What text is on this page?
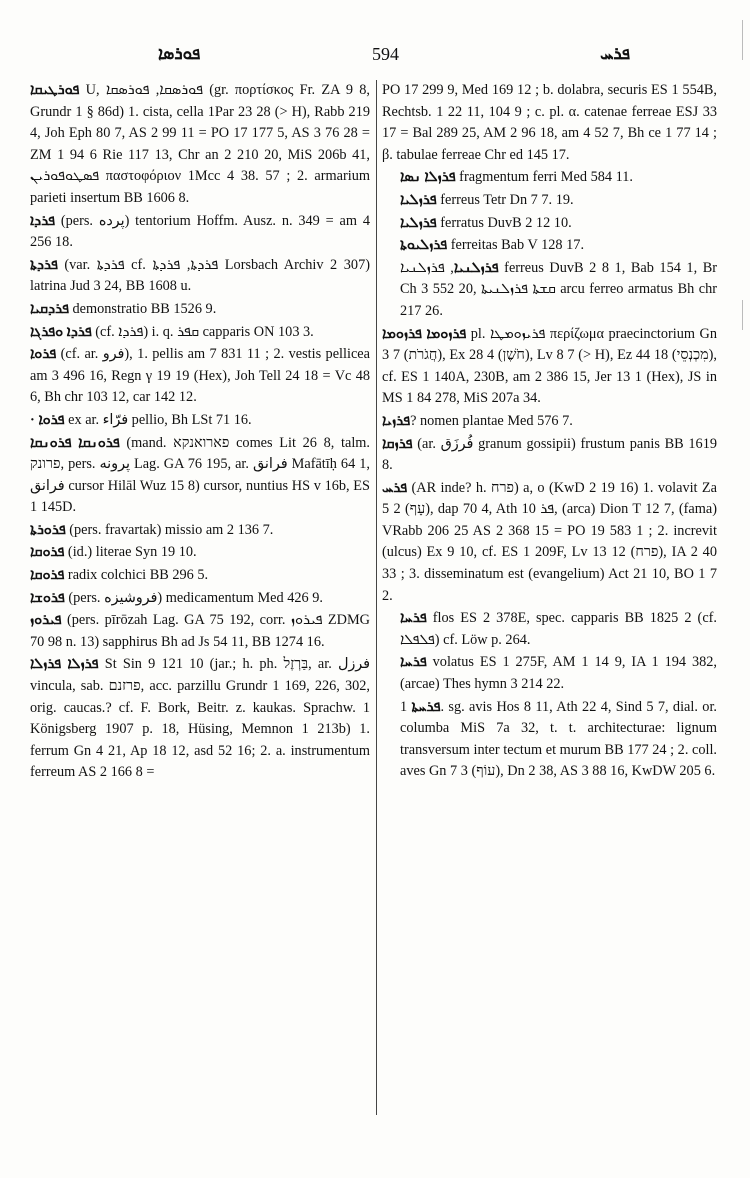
ܦܘܪܣܐ	594	ܦܪܚ
ܦܘܪܛܝܩܐ U, ܦܘܪܣܩܐ, ܦܘܪܣܩܐ (gr. πορτίσκος Fr. ZA 9 8, Grundr 1 § 86d) 1. cista, cella 1Par 23 28 (> H), Rabb 219 4, Joh Eph 80 7, AS 2 99 11 = PO 17 177 5, AS 3 76 28 = ZM 1 94 6 Rie 117 13, Chr an 2 210 20, MiS 206b 41, ܦܣܛܘܦܘܪܝܢ παστοφόριον 1Mcc 4 38. 57 ; 2. armarium parieti insertum BB 1606 8.
ܦܪܕܐ (pers. پرده) tentorium Hoffm. Ausz. n. 349 = am 4 256 18.
ܦܪܕܬܐ (var. ܦܪܕܬܐ cf. ܦܪܕܬܐ, ܦܪܕܬܐ Lorsbach Archiv 2 307) latrina Jud 3 24, BB 1608 u.
ܦܪܕܩܝܐ demonstratio BB 1526 9.
ܦܪܕܐ ܘܦܪܓܐ (cf. ܦܪܕܐ) i. q. ܩܦܪ capparis ON 103 3.
ܦܪܘܐ (cf. ar. فرو), 1. pellis am 7 831 11 ; 2. vestis pellicea am 3 496 16, Regn γ 19 19 (Hex), Joh Tell 24 18 = Vc 48 6, Bh chr 103 12, car 142 12.
· ܦܪܘܐ ex ar. فرّاء pellio, Bh LSt 71 16.
ܦܪܘܢܩܐ ܦܪܘܢܩܐ (mand. פארואנקא comes Lit 26 8, talm. פרונק, pers. پرونه Lag. GA 76 195, ar. فرانق Mafātīḥ 64 1, فرانق cursor Hilāl Wuz 15 8) cursor, nuntius HS v 16b, ES 1 145D.
ܦܪܘܪܬܐ (pers. fravartak) missio am 2 136 7.
ܦܪܘܩܐ (id.) literae Syn 19 10.
ܦܪܘܩܐ radix colchici BB 296 5.
ܦܪܘܫܐ (pers. فروشیزه) medicamentum Med 426 9.
ܦܝܪܘܙ (pers. pīrōzah Lag. GA 75 192, corr. ܦܝܪܘܙ ZDMG 70 98 n. 13) sapphirus Bh ad Js 54 11, BB 1274 16.
ܦܪܙܠܐ ܦܪܙܠܐ St Sin 9 121 10 (jar.; h. ph. בַּרְזֶל, ar. فرزل vincula, sab. פרזנם, acc. parzillu Grundr 1 169, 226, 302, orig. caucas.? cf. F. Bork, Beitr. z. kaukas. Sprachw. 1 Königsberg 1907 p. 18, Hüsing, Memnon 1 213b) 1. ferrum Gn 4 21, Ap 18 12, asd 52 16; 2. a. instrumentum ferreum AS 2 166 8 =
PO 17 299 9, Med 169 12 ; b. dolabra, securis ES 1 554B, Rechtsb. 1 22 11, 104 9 ; c. pl. α. catenae ferreae ESJ 33 17 = Bal 289 25, AM 2 96 18, am 4 52 7, Bh ce 1 77 14 ; β. tabulae ferreae Chr ed 145 17.
ܦܪܙܠܐ ܢܣܐ fragmentum ferri Med 584 11.
ܦܪܙܠܝܐ ferreus Tetr Dn 7 7. 19.
ܦܪܙܠܝܐ ferratus DuvB 2 12 10.
ܦܪܙܠܝܘܬܐ ferreitas Bab V 128 17.
ܦܪܙܠܢܝܐ, ܦܪܙܠܢܝܐ ferreus DuvB 2 8 1, Bab 154 1, Br Ch 3 552 20, ܩܫܬܐ ܦܪܙܠܢܝܬܐ arcu ferreo armatus Bh chr 217 26.
ܦܪܙܘܡܐ ܦܪܙܘܡܐ pl. ܦܪܝܙܘܡܛܐ περίζωμα praecinctorium Gn 3 7 (חֲגֹרֹת), Ex 28 4 (חֹשֶׁן), Lv 8 7 (> H), Ez 44 18 (מִכְנְסֵי), cf. ES 1 140A, 230B, am 2 386 15, Jer 13 1 (Hex), JS in MS 1 84 278, MiS 207a 34.
ܦܪܙܝܐ? nomen plantae Med 576 7.
ܦܪܙܩܐ (ar. فُرزَق granum gossipii) frustum panis BB 1619 8.
ܦܪܚ (AR inde? h. פרח) a, o (KwD 2 19 16) 1. volavit Za 5 2 (עָף), dap 70 4, Ath ܦܪ 10, (arca) Dion T 12 7, (fama) VRabb 206 25 AS 2 368 15 = PO 19 583 1 ; 2. increvit (ulcus) Ex 9 10, cf. ES 1 209F, Lv 13 12 (פרח), IA 2 40 33 ; 3. disseminatum est (evangelium) Act 21 10, BO 1 7 2.
ܦܪܚܐ flos ES 2 378E, spec. capparis BB 1825 2 (cf. ܦܠܦܠܐ) cf. Löw p. 264.
ܦܪܚܐ volatus ES 1 275F, AM 1 14 9, IA 1 194 382, (arcae) Thes hymn 3 214 22.
ܦܪܚܬܐ 1. sg. avis Hos 8 11, Ath 22 4, Sind 5 7, dial. or. columba MiS 7a 32, t. t. architecturae: lignum transversum inter tectum et murum BB 177 24 ; 2. coll. aves Gn 7 3 (עוֹף), Dn 2 38, AS 3 88 16, KwDW 205 6.
